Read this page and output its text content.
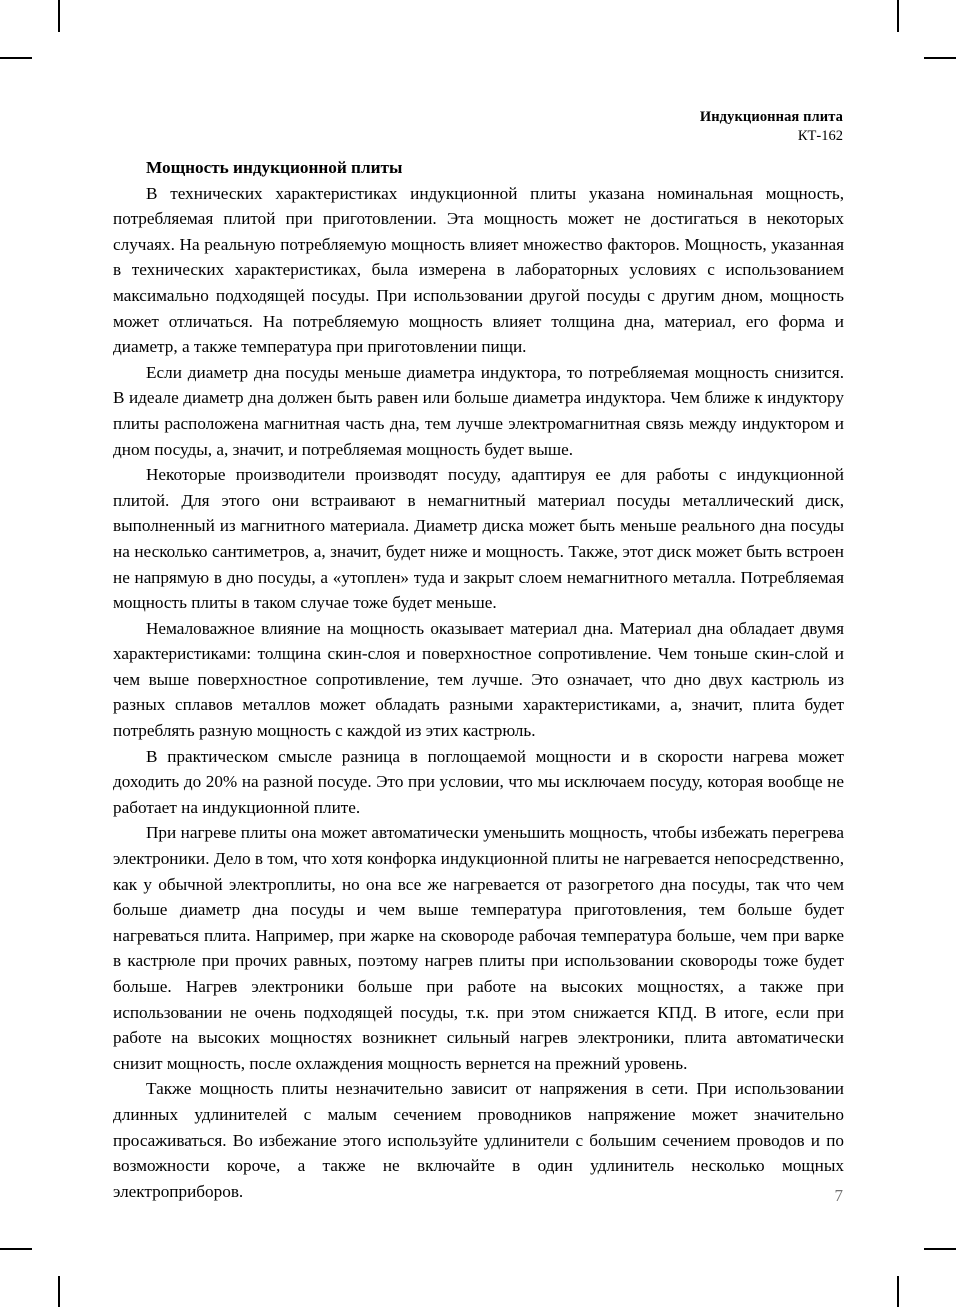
Индукционная плита
КТ-162
Мощность индукционной плиты

В технических характеристиках индукционной плиты указана номинальная мощность, потребляемая плитой при приготовлении. Эта мощность может не достигаться в некоторых случаях. На реальную потребляемую мощность влияет множество факторов. Мощность, указанная в технических характеристиках, была измерена в лабораторных условиях с использованием максимально подходящей посуды. При использовании другой посуды с другим дном, мощность может отличаться. На потребляемую мощность влияет толщина дна, материал, его форма и диаметр, а также температура при приготовлении пищи.

Если диаметр дна посуды меньше диаметра индуктора, то потребляемая мощность снизится. В идеале диаметр дна должен быть равен или больше диаметра индуктора. Чем ближе к индуктору плиты расположена магнитная часть дна, тем лучше электромагнитная связь между индуктором и дном посуды, а, значит, и потребляемая мощность будет выше.

Некоторые производители производят посуду, адаптируя ее для работы с индукционной плитой. Для этого они встраивают в немагнитный материал посуды металлический диск, выполненный из магнитного материала. Диаметр диска может быть меньше реального дна посуды на несколько сантиметров, а, значит, будет ниже и мощность. Также, этот диск может быть встроен не напрямую в дно посуды, а «утоплен» туда и закрыт слоем немагнитного металла. Потребляемая мощность плиты в таком случае тоже будет меньше.

Немаловажное влияние на мощность оказывает материал дна. Материал дна обладает двумя характеристиками: толщина скин-слоя и поверхностное сопротивление. Чем тоньше скин-слой и чем выше поверхностное сопротивление, тем лучше. Это означает, что дно двух кастрюль из разных сплавов металлов может обладать разными характеристиками, а, значит, плита будет потреблять разную мощность с каждой из этих кастрюль.

В практическом смысле разница в поглощаемой мощности и в скорости нагрева может доходить до 20% на разной посуде. Это при условии, что мы исключаем посуду, которая вообще не работает на индукционной плите.

При нагреве плиты она может автоматически уменьшить мощность, чтобы избежать перегрева электроники. Дело в том, что хотя конфорка индукционной плиты не нагревается непосредственно, как у обычной электроплиты, но она все же нагревается от разогретого дна посуды, так что чем больше диаметр дна посуды и чем выше температура приготовления, тем больше будет нагреваться плита. Например, при жарке на сковороде рабочая температура больше, чем при варке в кастрюле при прочих равных, поэтому нагрев плиты при использовании сковороды тоже будет больше. Нагрев электроники больше при работе на высоких мощностях, а также при использовании не очень подходящей посуды, т.к. при этом снижается КПД. В итоге, если при работе на высоких мощностях возникнет сильный нагрев электроники, плита автоматически снизит мощность, после охлаждения мощность вернется на прежний уровень.

Также мощность плиты незначительно зависит от напряжения в сети. При использовании длинных удлинителей с малым сечением проводников напряжение может значительно просаживаться. Во избежание этого используйте удлинители с большим сечением проводов и по возможности короче, а также не включайте в один удлинитель несколько мощных электроприборов.	7
